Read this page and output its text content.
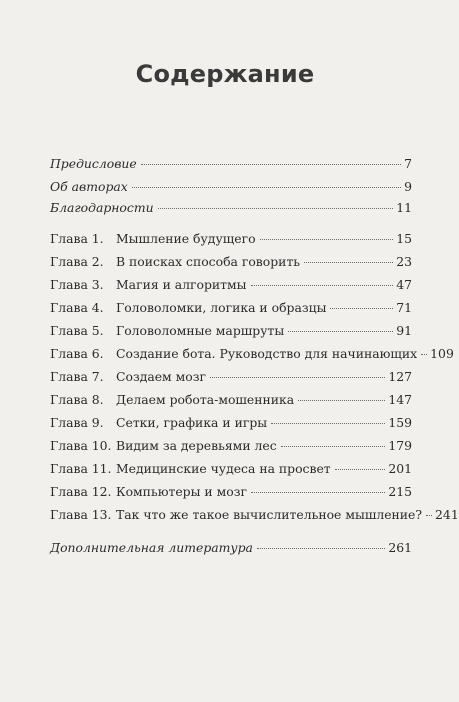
Содержание
Предисловие	7
Об авторах	9
Благодарности	11
Глава 1.	Мышление будущего	15
Глава 2.	В поисках способа говорить	23
Глава 3.	Магия и алгоритмы	47
Глава 4.	Головоломки, логика и образцы	71
Глава 5.	Головоломные маршруты	91
Глава 6.	Создание бота. Руководство для начинающих 109
Глава 7.	Создаем мозг	127
Глава 8.	Делаем робота-мошенника	147
Глава 9.	Сетки, графика и игры	159
Глава 10. Видим за деревьями лес	179
Глава 11. Медицинские чудеса на просвет	201
Глава 12. Компьютеры и мозг	215
Глава 13. Так что же такое вычислительное мышление? 241
Дополнительная литература	261
